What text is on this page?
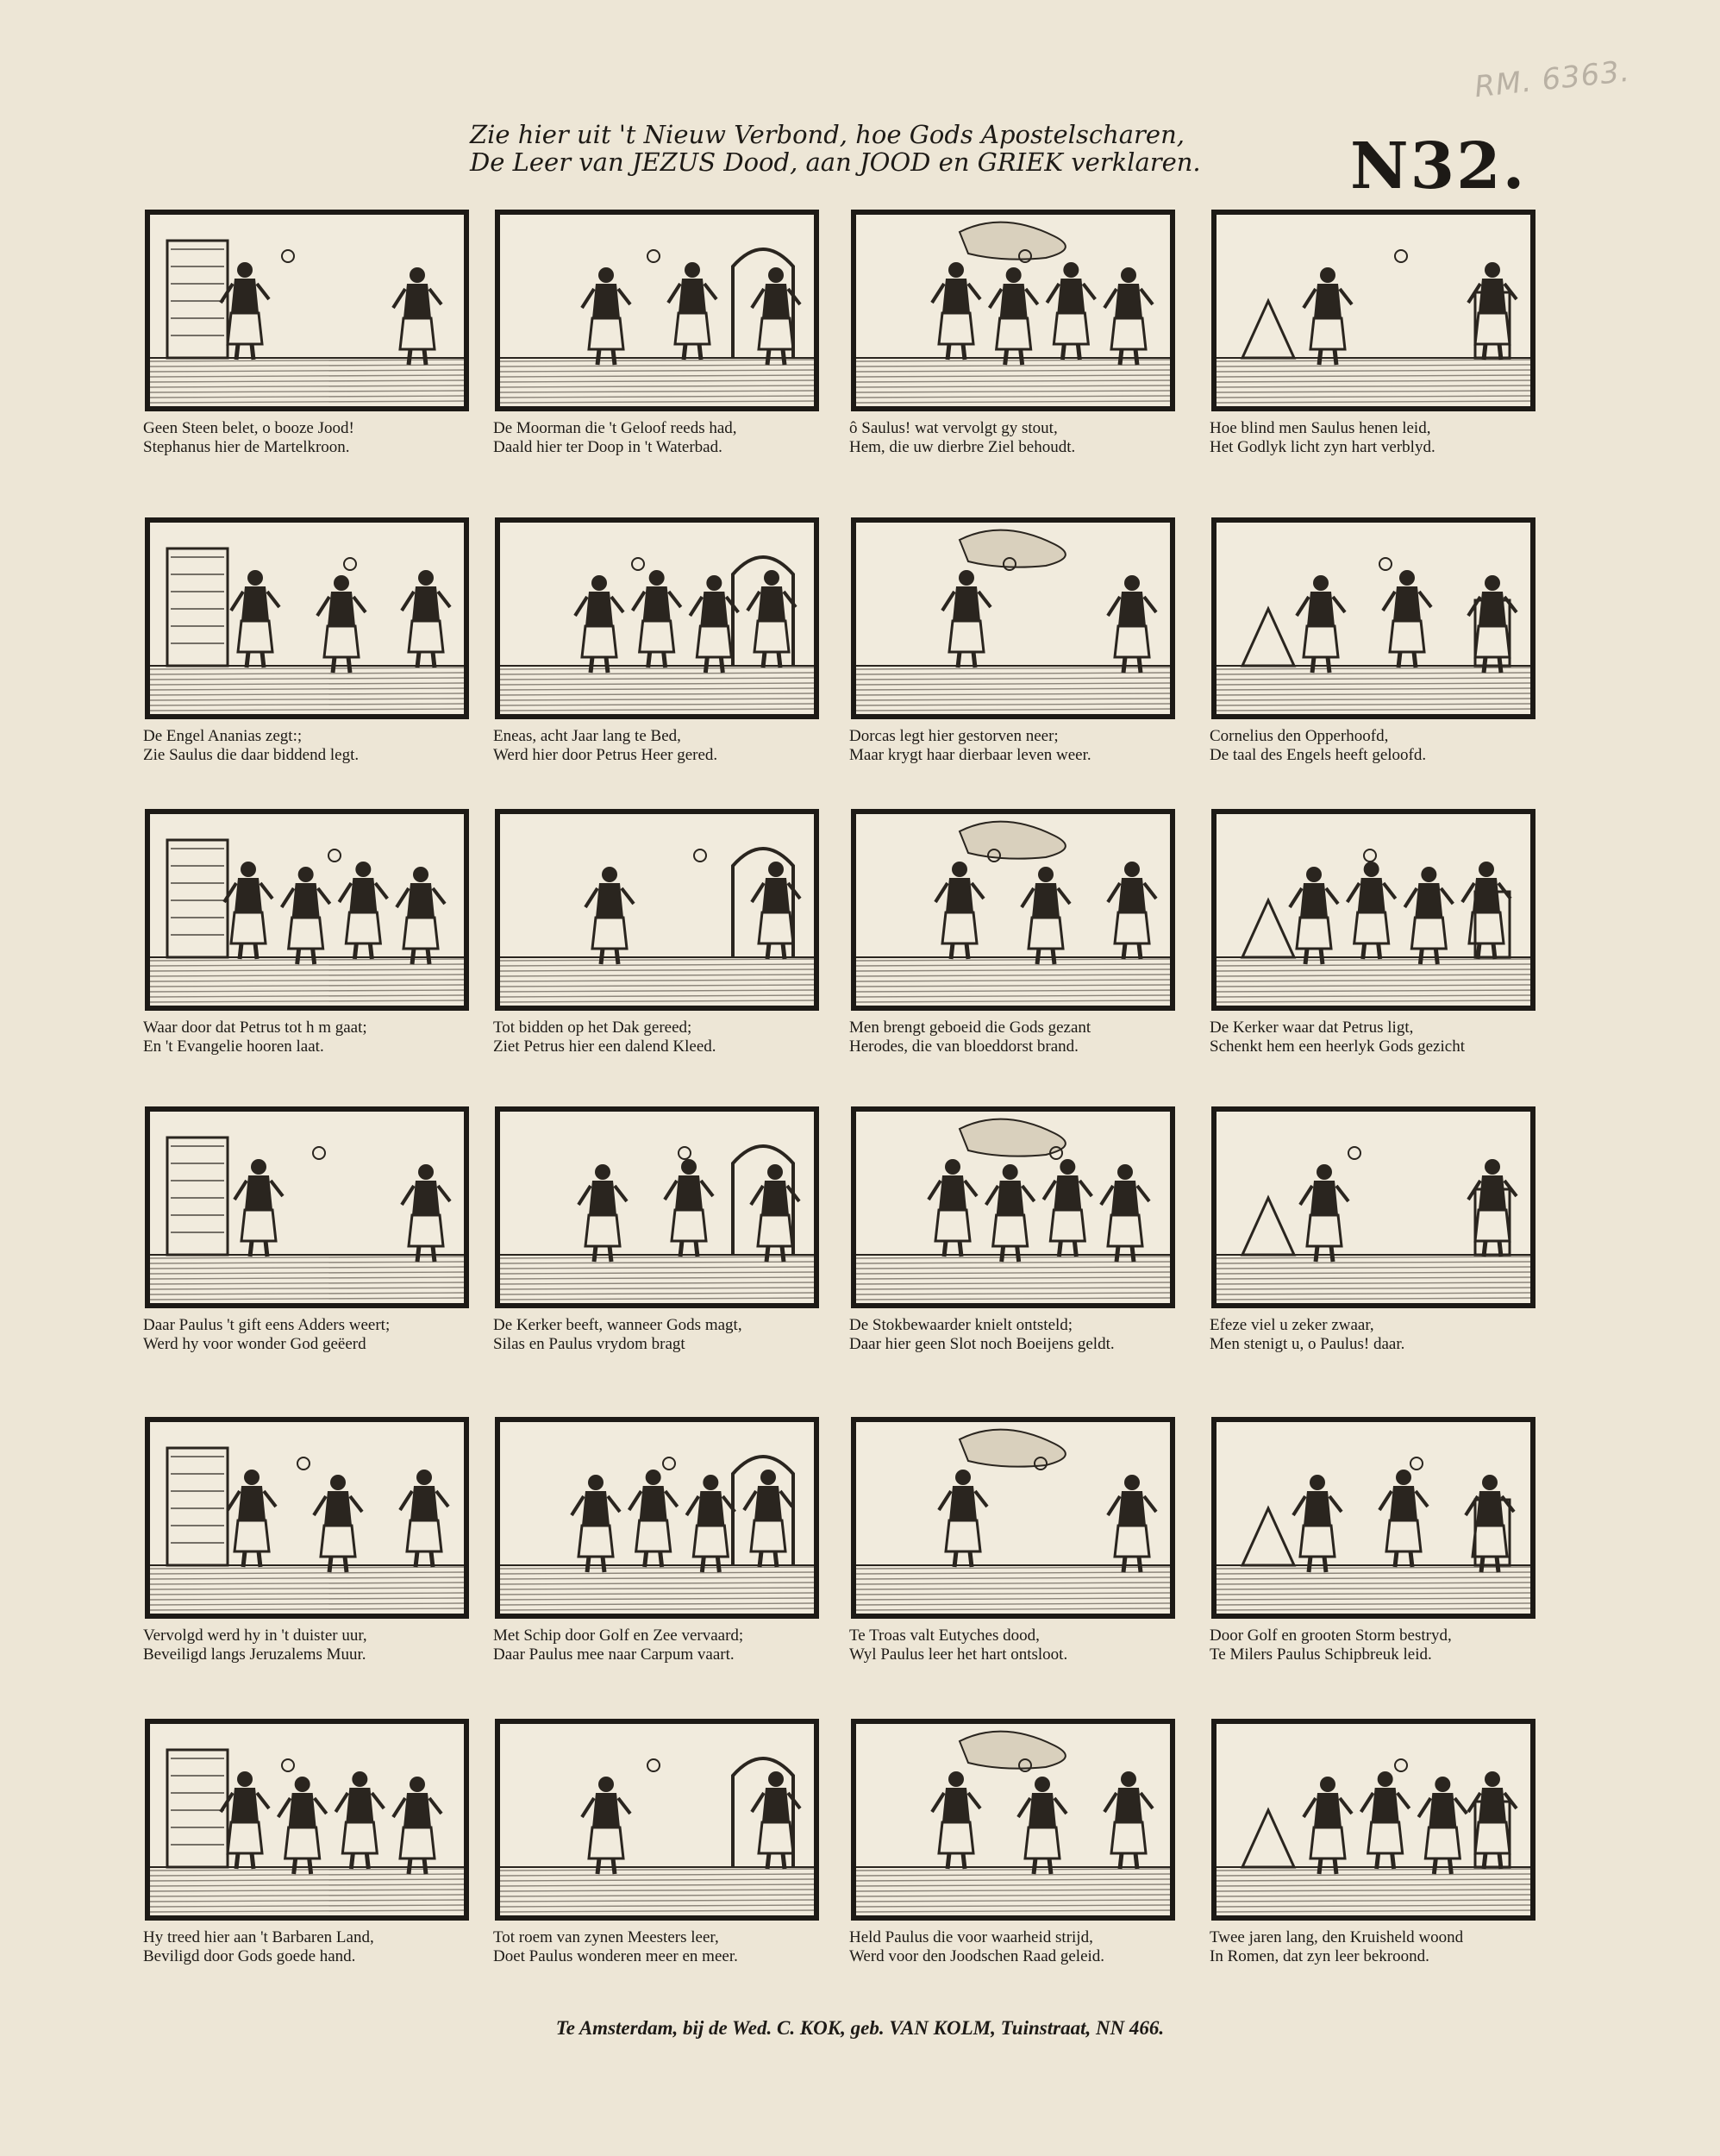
RM. 6363.
Zie hier uit 't Nieuw Verbond, hoe Gods Apostelscharen,
De Leer van JEZUS Dood, aan JOOD en GRIEK verklaren. N32.
Geen Steen belet, o booze Jood!
Stephanus hier de Martelkroon.
De Moorman die 't Geloof reeds had,
Daald hier ter Doop in 't Waterbad.
ô Saulus! wat vervolgt gy stout,
Hem, die uw dierbre Ziel behoudt.
Hoe blind men Saulus henen leid,
Het Godlyk licht zyn hart verblyd.
De Engel Ananias zegt:;
Zie Saulus die daar biddend legt.
Eneas, acht Jaar lang te Bed,
Werd hier door Petrus Heer gered.
Dorcas legt hier gestorven neer;
Maar krygt haar dierbaar leven weer.
Cornelius den Opperhoofd,
De taal des Engels heeft geloofd.
Waar door dat Petrus tot h m gaat;
En 't Evangelie hooren laat.
Tot bidden op het Dak gereed;
Ziet Petrus hier een dalend Kleed.
Men brengt geboeid die Gods gezant
Herodes, die van bloeddorst brand.
De Kerker waar dat Petrus ligt,
Schenkt hem een heerlyk Gods gezicht
Daar Paulus 't gift eens Adders weert;
Werd hy voor wonder God geëerd
De Kerker beeft, wanneer Gods magt,
Silas en Paulus vrydom bragt
De Stokbewaarder knielt ontsteld;
Daar hier geen Slot noch Boeijens geldt.
Efeze viel u zeker zwaar,
Men stenigt u, o Paulus! daar.
Vervolgd werd hy in 't duister uur,
Beveiligd langs Jeruzalems Muur.
Met Schip door Golf en Zee vervaard;
Daar Paulus mee naar Carpum vaart.
Te Troas valt Eutyches dood,
Wyl Paulus leer het hart ontsloot.
Door Golf en grooten Storm bestryd,
Te Milers Paulus Schipbreuk leid.
Hy treed hier aan 't Barbaren Land,
Beviligd door Gods goede hand.
Tot roem van zynen Meesters leer,
Doet Paulus wonderen meer en meer.
Held Paulus die voor waarheid strijd,
Werd voor den Joodschen Raad geleid.
Twee jaren lang, den Kruisheld woond
In Romen, dat zyn leer bekroond.
Te Amsterdam, bij de Wed. C. KOK, geb. VAN KOLM, Tuinstraat, NN 466.
